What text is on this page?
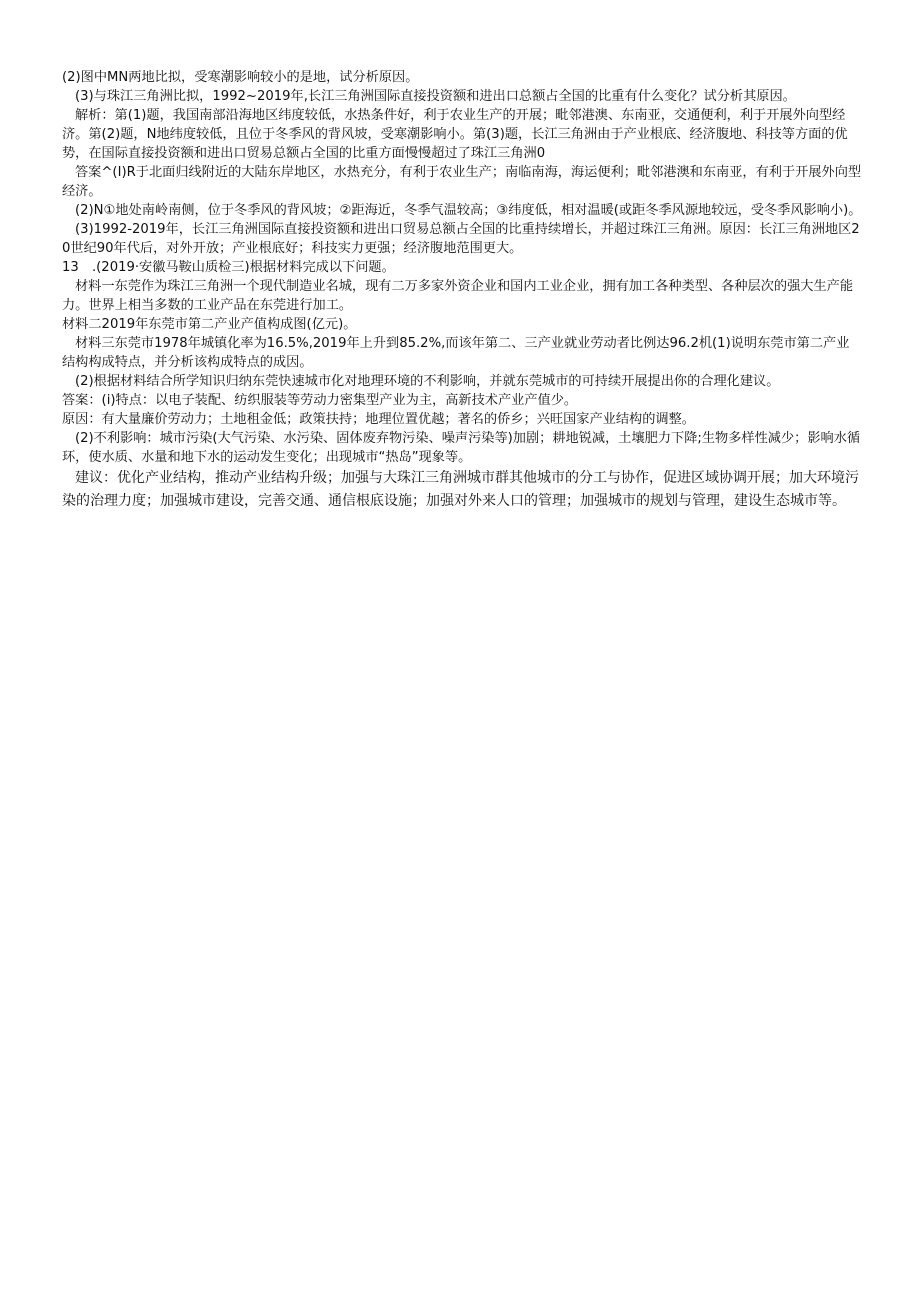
(2)图中MN两地比拟，受寒潮影响较小的是地，试分析原因。

(3)与珠江三角洲比拟，1992~2019年,长江三角洲国际直接投资额和进出口总额占全国的比重有什么变化？试分析其原因。

解析：第(1)题，我国南部沿海地区纬度较低，水热条件好，利于农业生产的开展；毗邻港澳、东南亚，交通便利，利于开展外向型经济。第(2)题，N地纬度较低，且位于冬季风的背风坡，受寒潮影响小。第(3)题，长江三角洲由于产业根底、经济腹地、科技等方面的优势，在国际直接投资额和进出口贸易总额占全国的比重方面慢慢超过了珠江三角洲0

答案^(I)R于北面归线附近的大陆东岸地区，水热充分，有利于农业生产；南临南海，海运便利；毗邻港澳和东南亚，有利于开展外向型经济。

(2)N①地处南岭南侧，位于冬季风的背风坡；②距海近，冬季气温较高；③纬度低，相对温暖(或距冬季风源地较远，受冬季风影响小)。

(3)1992-2019年，长江三角洲国际直接投资额和进出口贸易总额占全国的比重持续增长，并超过珠江三角洲。原因：长江三角洲地区20世纪90年代后，对外开放；产业根底好；科技实力更强；经济腹地范围更大。

13　.(2019·安徽马鞍山质检三)根据材料完成以下问题。

材料一东莞作为珠江三角洲一个现代制造业名城，现有二万多家外资企业和国内工业企业，拥有加工各种类型、各种层次的强大生产能力。世界上相当多数的工业产品在东莞进行加工。

材料二2019年东莞市第二产业产值构成图(亿元)。

材料三东莞市1978年城镇化率为16.5%,2019年上升到85.2%,而该年第二、三产业就业劳动者比例达96.2机(1)说明东莞市第二产业结构构成特点，并分析该构成特点的成因。

(2)根据材料结合所学知识归纳东莞快速城市化对地理环境的不利影响，并就东莞城市的可持续开展提出你的合理化建议。

答案：(i)特点：以电子装配、纺织服装等劳动力密集型产业为主，高新技术产业产值少。

原因：有大量廉价劳动力；土地租金低；政策扶持；地理位置优越；著名的侨乡；兴旺国家产业结构的调整。

(2)不利影响：城市污染(大气污染、水污染、固体废弃物污染、噪声污染等)加剧；耕地锐减，土壤肥力下降;生物多样性减少；影响水循环，使水质、水量和地下水的运动发生变化；出现城市“热岛”现象等。

建议：优化产业结构，推动产业结构升级；加强与大珠江三角洲城市群其他城市的分工与协作，促进区域协调开展；加大环境污染的治理力度；加强城市建设，完善交通、通信根底设施；加强对外来人口的管理；加强城市的规划与管理，建设生态城市等。
